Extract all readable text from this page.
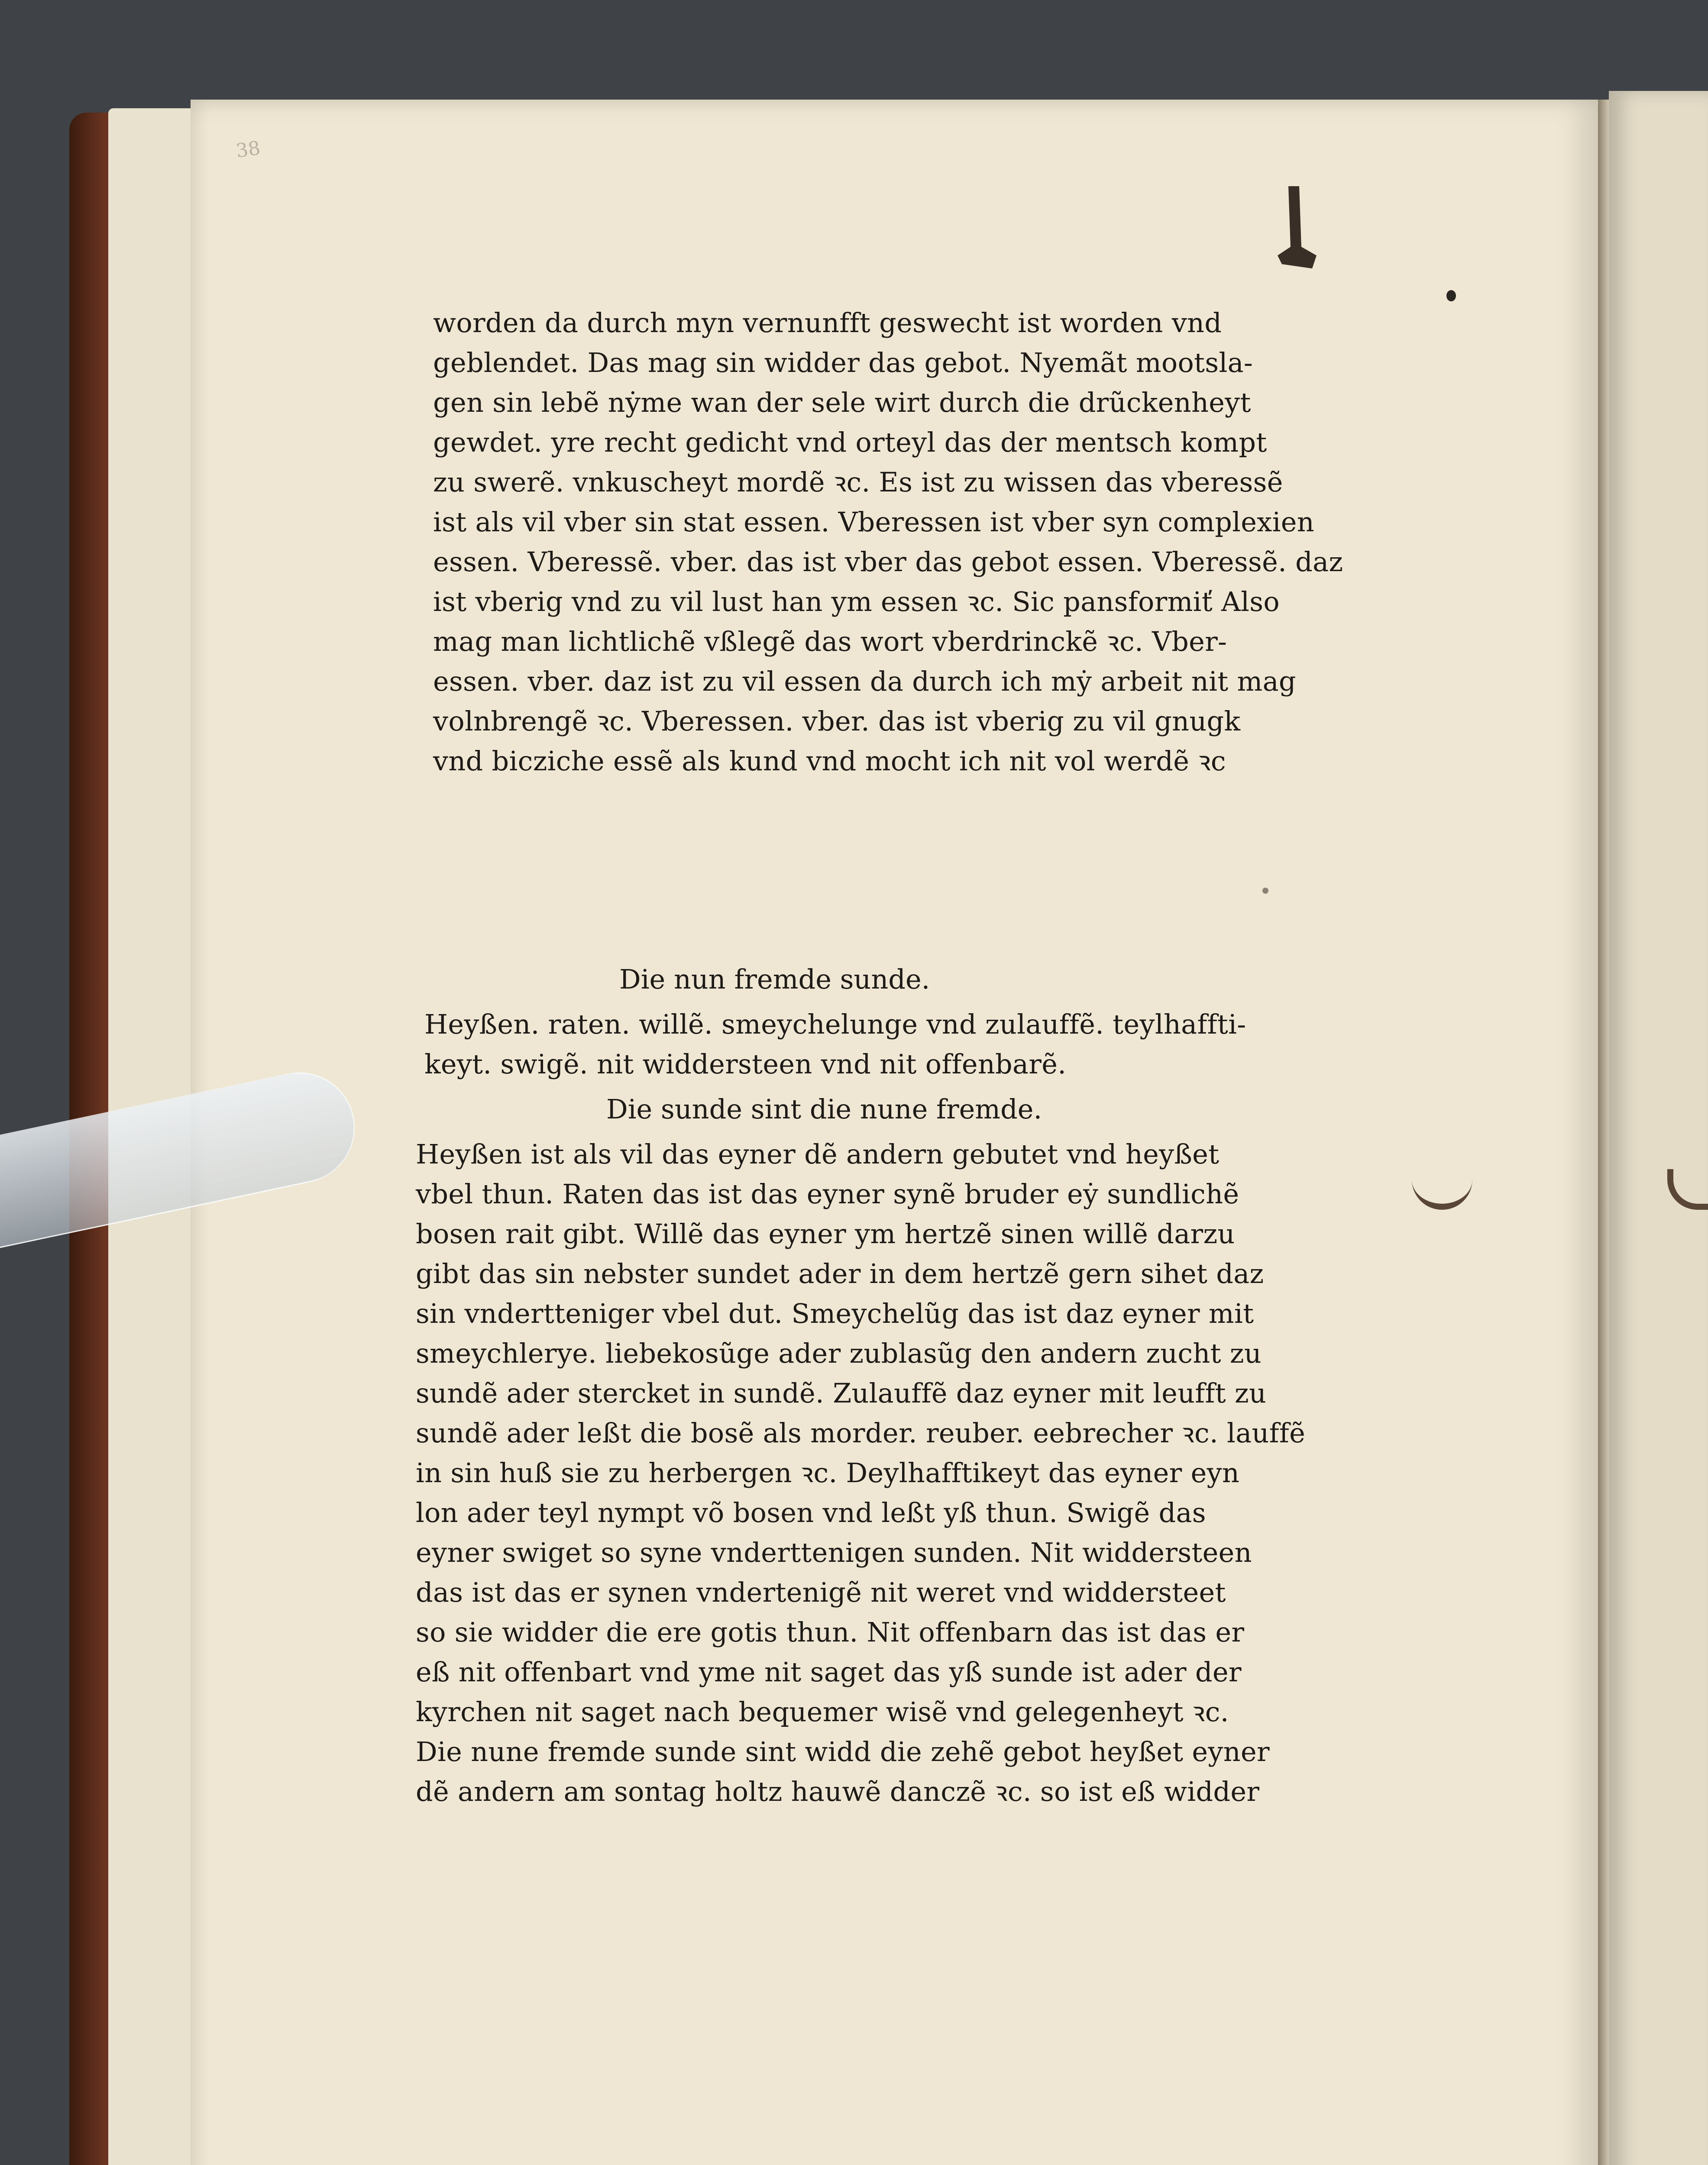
38
worden da durch myn vernunfft geswecht ist worden vnd
geblendet. Das mag sin widder das gebot. Nyemãt mootsla-
gen sin lebẽ nẏme wan der sele wirt durch die drũckenheyt
gewdet. yre recht gedicht vnd orteyl das der mentsch kompt
zu swerẽ. vnkuscheyt mordẽ ꝛc. Es ist zu wissen das vberessẽ
ist als vil vber sin stat essen. Vberessen ist vber syn complexien
essen. Vberessẽ. vber. das ist vber das gebot essen. Vberessẽ. daz
ist vberig vnd zu vil lust han ym essen ꝛc. Sic pansformiť Also
mag man lichtlichẽ vßlegẽ das wort vberdrinckẽ ꝛc. Vber-
essen. vber. daz ist zu vil essen da durch ich mẏ arbeit nit mag
volnbrengẽ ꝛc. Vberessen. vber. das ist vberig zu vil gnugk
vnd bicziche essẽ als kund vnd mocht ich nit vol werdẽ ꝛc
Die nun fremde sunde.
Heyßen. raten. willẽ. smeychelunge vnd zulauffẽ. teylhaffti-
keyt. swigẽ. nit widdersteen vnd nit offenbarẽ.
Die sunde sint die nune fremde.
Heyßen ist als vil das eyner dẽ andern gebutet vnd heyßet
vbel thun. Raten das ist das eyner synẽ bruder eẏ sundlichẽ
bosen rait gibt. Willẽ das eyner ym hertzẽ sinen willẽ darzu
gibt das sin nebster sundet ader in dem hertzẽ gern sihet daz
sin vndertteniger vbel dut. Smeychelũg das ist daz eyner mit
smeychlerye. liebekosũge ader zublasũg den andern zucht zu
sundẽ ader stercket in sundẽ. Zulauffẽ daz eyner mit leufft zu
sundẽ ader leßt die bosẽ als morder. reuber. eebrecher ꝛc. lauffẽ
in sin huß sie zu herbergen ꝛc. Deylhafftikeyt das eyner eyn
lon ader teyl nympt võ bosen vnd leßt yß thun. Swigẽ das
eyner swiget so syne vnderttenigen sunden. Nit widdersteen
das ist das er synen vndertenigẽ nit weret vnd widdersteet
so sie widder die ere gotis thun. Nit offenbarn das ist das er
eß nit offenbart vnd yme nit saget das yß sunde ist ader der
kyrchen nit saget nach bequemer wisẽ vnd gelegenheyt ꝛc.
Die nune fremde sunde sint widd die zehẽ gebot heyßet eyner
dẽ andern am sontag holtz hauwẽ danczẽ ꝛc. so ist eß widder
